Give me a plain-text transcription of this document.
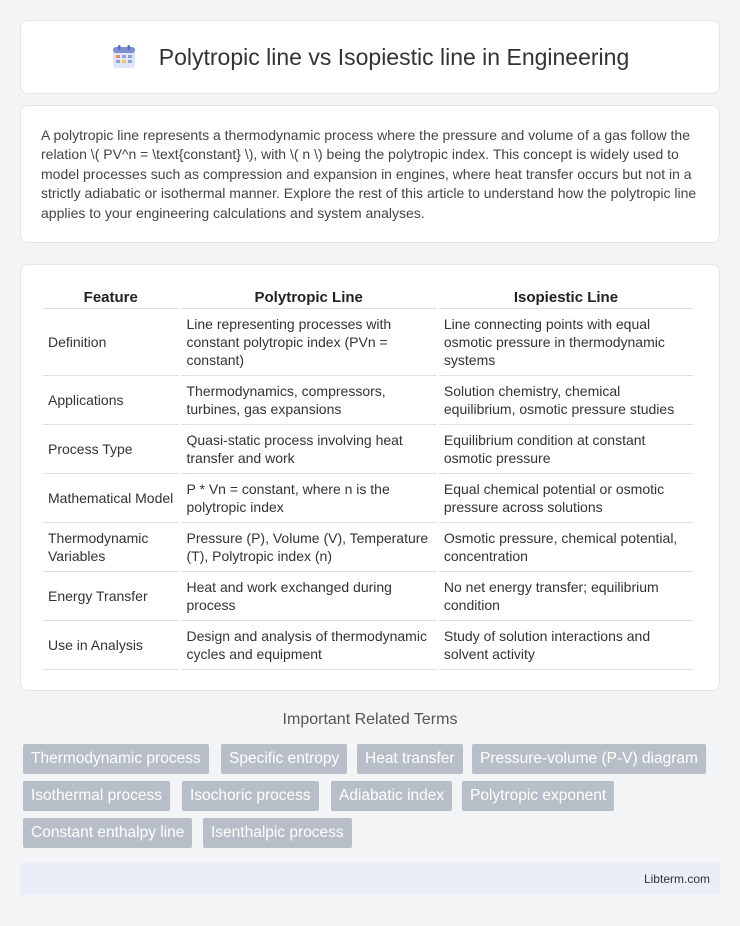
Polytropic line vs Isopiestic line in Engineering

A polytropic line represents a thermodynamic process where the pressure and volume of a gas follow the relation \( PV^n = \text{constant} \), with \( n \) being the polytropic index. This concept is widely used to model processes such as compression and expansion in engines, where heat transfer occurs but not in a strictly adiabatic or isothermal manner. Explore the rest of this article to understand how the polytropic line applies to your engineering calculations and system analyses.

Feature	Polytropic Line	Isopiestic Line
Definition	Line representing processes with constant polytropic index (PVn = constant)	Line connecting points with equal osmotic pressure in thermodynamic systems
Applications	Thermodynamics, compressors, turbines, gas expansions	Solution chemistry, chemical equilibrium, osmotic pressure studies
Process Type	Quasi-static process involving heat transfer and work	Equilibrium condition at constant osmotic pressure
Mathematical Model	P * Vn = constant, where n is the polytropic index	Equal chemical potential or osmotic pressure across solutions
Thermodynamic Variables	Pressure (P), Volume (V), Temperature (T), Polytropic index (n)	Osmotic pressure, chemical potential, concentration
Energy Transfer	Heat and work exchanged during process	No net energy transfer; equilibrium condition
Use in Analysis	Design and analysis of thermodynamic cycles and equipment	Study of solution interactions and solvent activity
Important Related Terms
Thermodynamic process	Specific entropy	Heat transfer	Pressure-volume (P-V) diagram
Isothermal process	Isochoric process	Adiabatic index	Polytropic exponent
Constant enthalpy line	Isenthalpic process
Libterm.com
